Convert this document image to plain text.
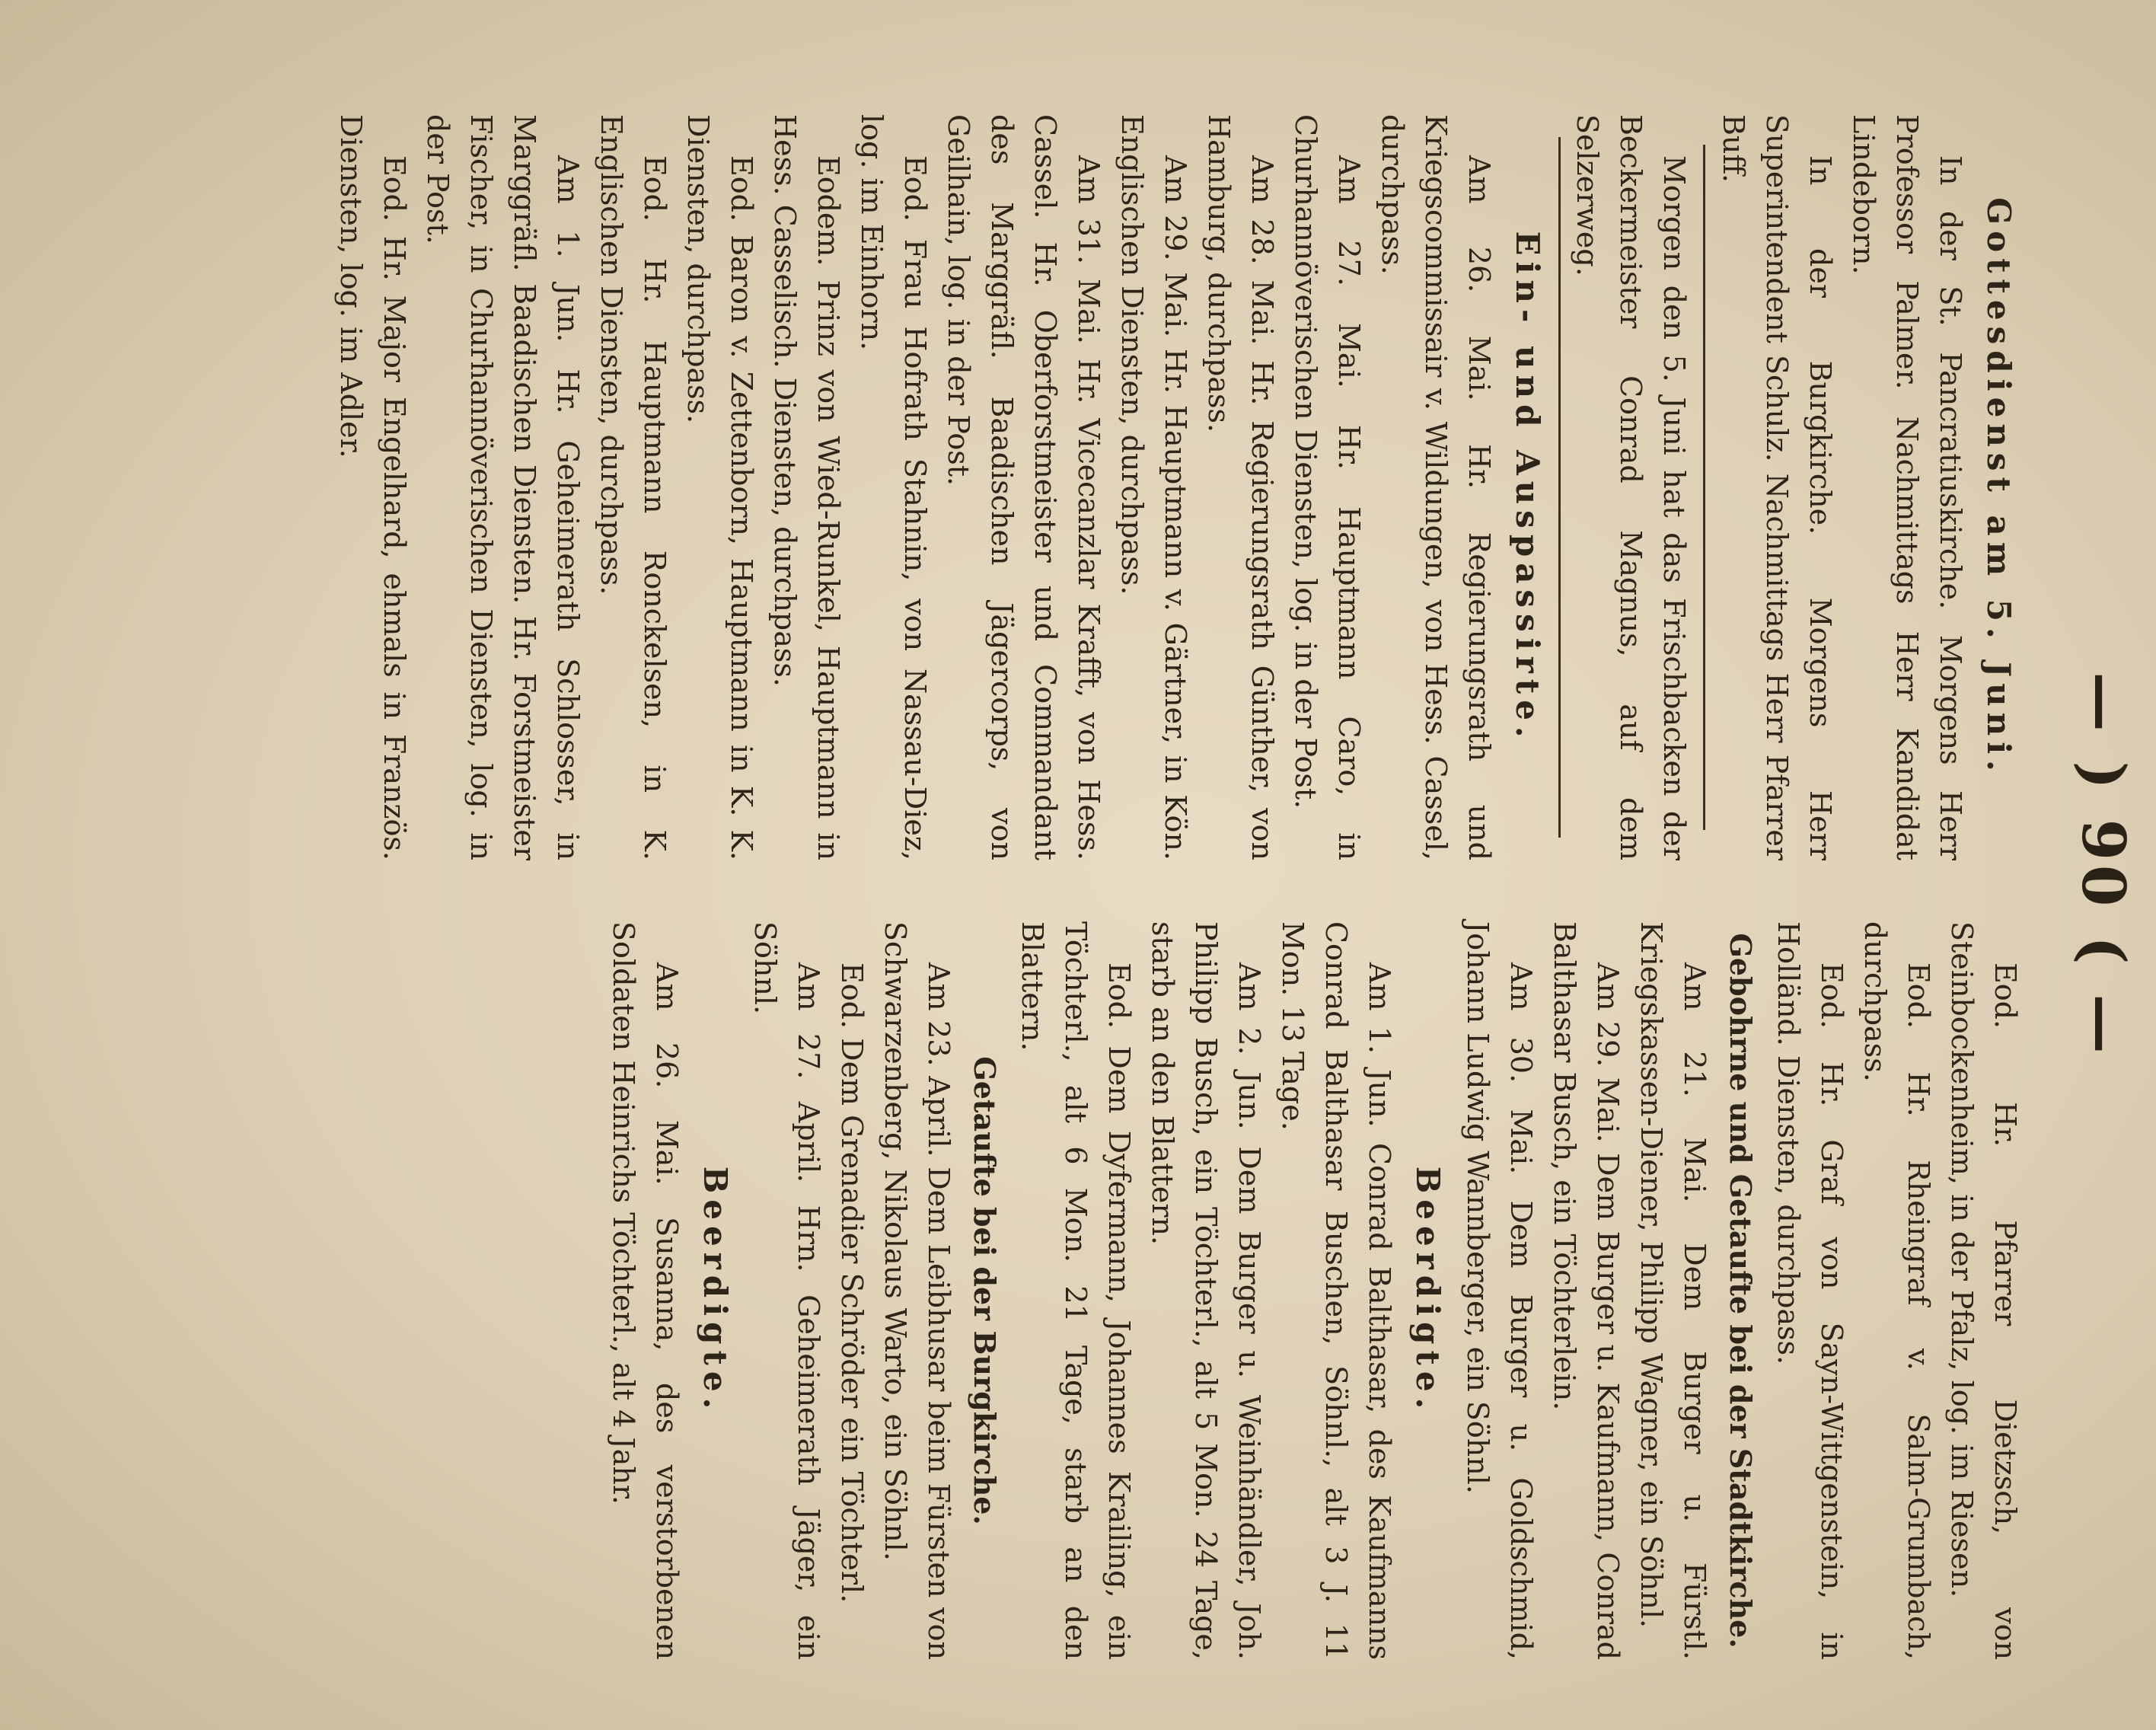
— ) 90 ( —
Gottesdienst am 5. Juni.

In der St. Pancratiuskirche. Morgens Herr Professor Palmer. Nachmittags Herr Kandidat Lindeborn.

In der Burgkirche. Morgens Herr Superintendent Schulz. Nachmittags Herr Pfarrer Buff.

Morgen den 5. Juni hat das Frischbacken der Beckermeister Conrad Magnus, auf dem Selzerweg.

Ein- und Auspassirte.

Am 26. Mai. Hr. Regierungsrath und Kriegscommissair v. Wildungen, von Hess. Cassel, durchpass.

Am 27. Mai. Hr. Hauptmann Caro, in Churhannöverischen Diensten, log. in der Post.

Am 28. Mai. Hr. Regierungsrath Günther, von Hamburg, durchpass.

Am 29. Mai. Hr. Hauptmann v. Gärtner, in Kön. Englischen Diensten, durchpass.

Am 31. Mai. Hr. Vicecanzlar Krafft, von Hess. Cassel. Hr. Oberforstmeister und Commandant des Marggräfl. Baadischen Jägercorps, von Geilhain, log. in der Post.

Eod. Frau Hofrath Stahnin, von Nassau-Diez, log. im Einhorn.

Eodem. Prinz von Wied-Runkel, Hauptmann in Hess. Casselisch. Diensten, durchpass.

Eod. Baron v. Zettenborn, Hauptmann in K. K. Diensten, durchpass.

Eod. Hr. Hauptmann Ronckelsen, in K. Englischen Diensten, durchpass.

Am 1. Jun. Hr. Geheimerath Schlosser, in Marggräfl. Baadischen Diensten. Hr. Forstmeister Fischer, in Churhannöverischen Diensten, log. in der Post.

Eod. Hr. Major Engelhard, ehmals in Französ. Diensten, log. im Adler.

Eod. Hr. Pfarrer Dietzsch, von Steinbockenheim, in der Pfalz, log. im Riesen.

Eod. Hr. Rheingraf v. Salm-Grumbach, durchpass.

Eod. Hr. Graf von Sayn-Wittgenstein, in Holländ. Diensten, durchpass.

Gebohrne und Getaufte bei der Stadtkirche.

Am 21. Mai. Dem Burger u. Fürstl. Kriegskassen-Diener, Philipp Wagner, ein Söhnl.

Am 29. Mai. Dem Burger u. Kaufmann, Conrad Balthasar Busch, ein Töchterlein.

Am 30. Mai. Dem Burger u. Goldschmid, Johann Ludwig Wannberger, ein Söhnl.

Beerdigte.

Am 1. Jun. Conrad Balthasar, des Kaufmanns Conrad Balthasar Buschen, Söhnl., alt 3 J. 11 Mon. 13 Tage.

Am 2. Jun. Dem Burger u. Weinhändler, Joh. Philipp Busch, ein Töchterl., alt 5 Mon. 24 Tage, starb an den Blattern.

Eod. Dem Dyfermann, Johannes Krailing, ein Töchterl., alt 6 Mon. 21 Tage, starb an den Blattern.

Getaufte bei der Burgkirche.

Am 23. April. Dem Leibhusar beim Fürsten von Schwarzenberg, Nikolaus Warto, ein Söhnl.

Eod. Dem Grenadier Schröder ein Töchterl.

Am 27. April. Hrn. Geheimerath Jäger, ein Söhnl.

Beerdigte.

Am 26. Mai. Susanna, des verstorbenen Soldaten Heinrichs Töchterl., alt 4 Jahr.
